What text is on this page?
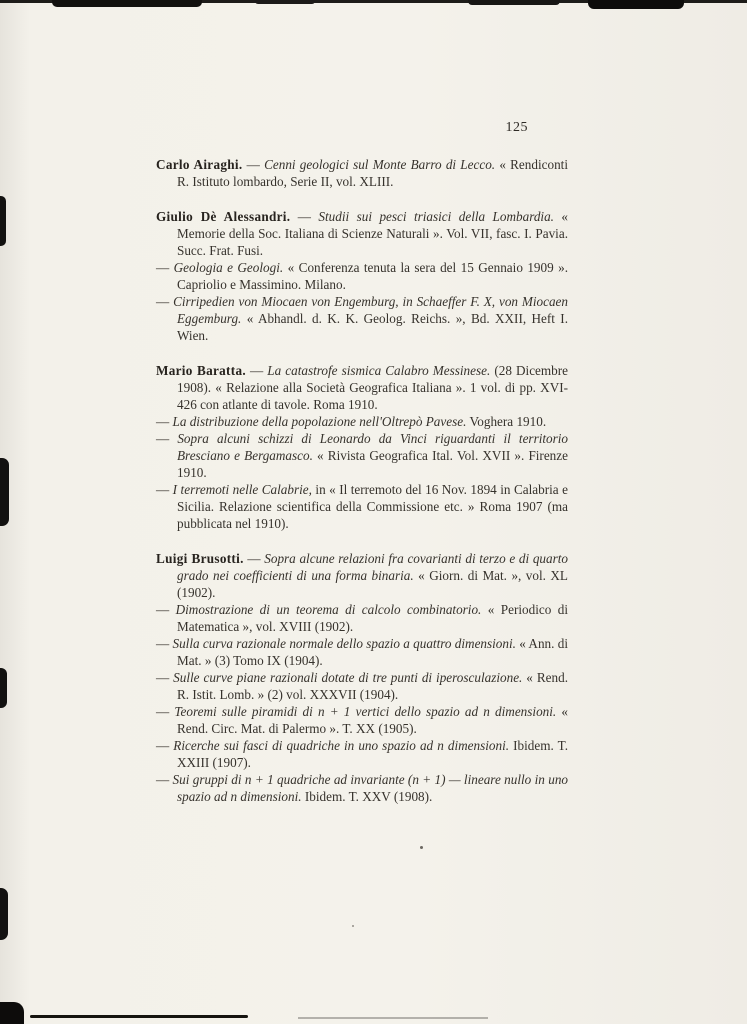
125

Carlo Airaghi. — Cenni geologici sul Monte Barro di Lecco. « Rendiconti R. Istituto lombardo, Serie II, vol. XLIII.

Giulio Dè Alessandri. — Studii sui pesci triasici della Lombardia. « Memorie della Soc. Italiana di Scienze Naturali ». Vol. VII, fasc. I. Pavia. Succ. Frat. Fusi.

— Geologia e Geologi. « Conferenza tenuta la sera del 15 Gennaio 1909 ». Capriolio e Massimino. Milano.

— Cirripedien von Miocaen von Engemburg, in Schaeffer F. X, von Miocaen Eggemburg. « Abhandl. d. K. K. Geolog. Reichs. », Bd. XXII, Heft I. Wien.

Mario Baratta. — La catastrofe sismica Calabro Messinese. (28 Dicembre 1908). « Relazione alla Società Geografica Italiana ». 1 vol. di pp. XVI-426 con atlante di tavole. Roma 1910.

— La distribuzione della popolazione nell'Oltrepò Pavese. Voghera 1910.

— Sopra alcuni schizzi di Leonardo da Vinci riguardanti il territorio Bresciano e Bergamasco. « Rivista Geografica Ital. Vol. XVII ». Firenze 1910.

— I terremoti nelle Calabrie, in « Il terremoto del 16 Nov. 1894 in Calabria e Sicilia. Relazione scientifica della Commissione etc. » Roma 1907 (ma pubblicata nel 1910).

Luigi Brusotti. — Sopra alcune relazioni fra covarianti di terzo e di quarto grado nei coefficienti di una forma binaria. « Giorn. di Mat. », vol. XL (1902).

— Dimostrazione di un teorema di calcolo combinatorio. « Periodico di Matematica », vol. XVIII (1902).

— Sulla curva razionale normale dello spazio a quattro dimensioni. « Ann. di Mat. » (3) Tomo IX (1904).

— Sulle curve piane razionali dotate di tre punti di iperosculazione. « Rend. R. Istit. Lomb. » (2) vol. XXXVII (1904).

— Teoremi sulle piramidi di n + 1 vertici dello spazio ad n dimensioni. « Rend. Circ. Mat. di Palermo ». T. XX (1905).

— Ricerche sui fasci di quadriche in uno spazio ad n dimensioni. Ibidem. T. XXIII (1907).

— Sui gruppi di n + 1 quadriche ad invariante (n + 1) — lineare nullo in uno spazio ad n dimensioni. Ibidem. T. XXV (1908).
